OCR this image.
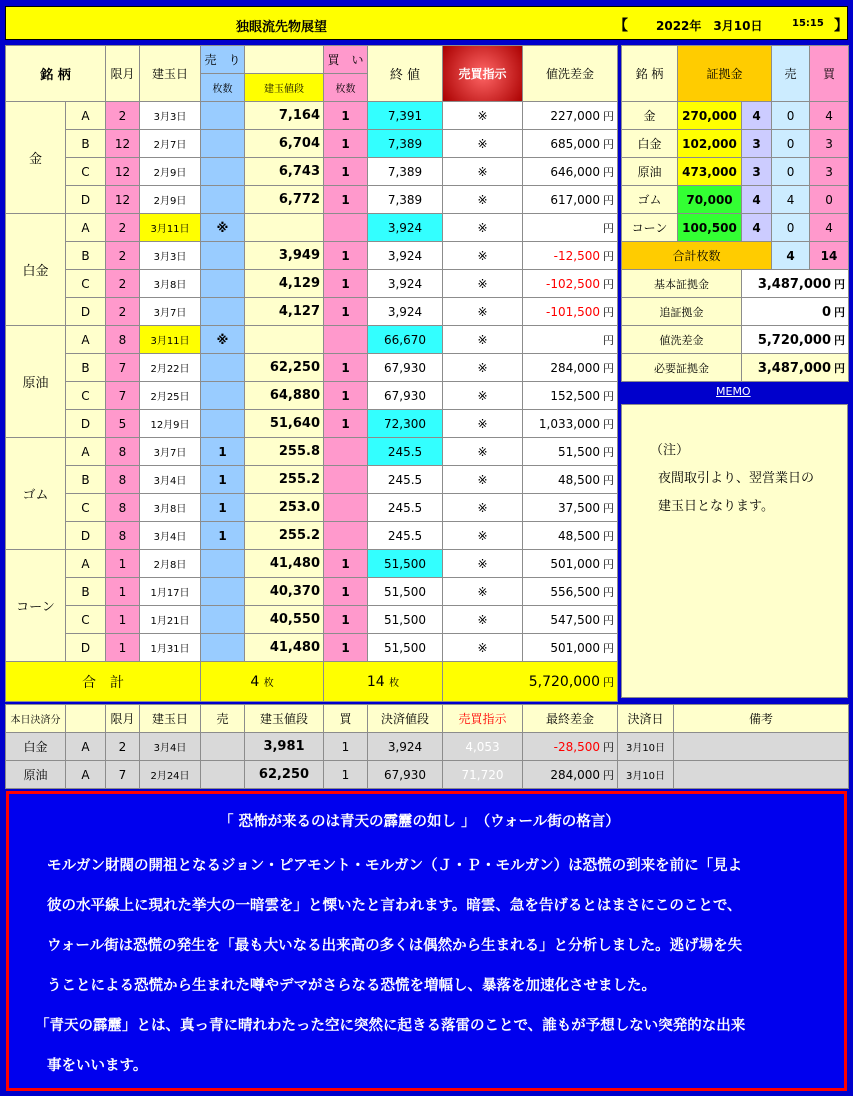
独眼流先物展望	【 2022年　3月10日	15:15 】
銘 柄		限月	建玉日	売　り		買　い	終 値	売買指示	値洗差金
				枚数	建玉値段	枚数			
金	A	2	3月3日		7,164	1	7,391	※	227,000 円
	B	12	2月7日		6,704	1	7,389	※	685,000 円
	C	12	2月9日		6,743	1	7,389	※	646,000 円
	D	12	2月9日		6,772	1	7,389	※	617,000 円
白金	A	2	3月11日	※			3,924	※	円
	B	2	3月3日		3,949	1	3,924	※	-12,500 円
	C	2	3月8日		4,129	1	3,924	※	-102,500 円
	D	2	3月7日		4,127	1	3,924	※	-101,500 円
原油	A	8	3月11日	※			66,670	※	円
	B	7	2月22日		62,250	1	67,930	※	284,000 円
	C	7	2月25日		64,880	1	67,930	※	152,500 円
	D	5	12月9日		51,640	1	72,300	※	1,033,000 円
ゴム	A	8	3月7日	1	255.8		245.5	※	51,500 円
	B	8	3月4日	1	255.2		245.5	※	48,500 円
	C	8	3月8日	1	253.0		245.5	※	37,500 円
	D	8	3月4日	1	255.2		245.5	※	48,500 円
コーン	A	1	2月8日		41,480	1	51,500	※	501,000 円
	B	1	1月17日		40,370	1	51,500	※	556,500 円
	C	1	1月21日		40,550	1	51,500	※	547,500 円
	D	1	1月31日		41,480	1	51,500	※	501,000 円
合　計				4 枚		14 枚		5,720,000 円	
銘 柄	証拠金		売	買
金	270,000	4	0	4
白金	102,000	3	0	3
原油	473,000	3	0	3
ゴム	70,000	4	4	0
コーン	100,500	4	0	4
合計枚数			4	14
基本証拠金		3,487,000 円		
追証拠金		0 円		
値洗差金		5,720,000 円		
必要証拠金		3,487,000 円		
MEMO
（注）
夜間取引より、翌営業日の
建玉日となります。
本日決済分		限月	建玉日	売	建玉値段	買	決済値段	売買指示	最終差金	決済日	備考
白金	A	2	3月4日		3,981	1	3,924	4,053	-28,500 円	3月10日	
原油	A	7	2月24日		62,250	1	67,930	71,720	284,000 円	3月10日	
「 恐怖が来るのは青天の霹靂の如し 」　（ウォール街の格言）
モルガン財閥の開祖となるジョン・ピアモント・モルガン（Ｊ・Ｐ・モルガン）は恐慌の到来を前に「見よ
彼の水平線上に現れた挙大の一暗雲を」と慄いたと言われます。暗雲、急を告げるとはまさにこのことで、
ウォール街は恐慌の発生を「最も大いなる出来高の多くは偶然から生まれる」と分析しました。逃げ場を失
うことによる恐慌から生まれた噂やデマがさらなる恐慌を増幅し、暴落を加速化させました。
「青天の霹靂」とは、真っ青に晴れわたった空に突然に起きる落雷のことで、誰もが予想しない突発的な出来
事をいいます。
